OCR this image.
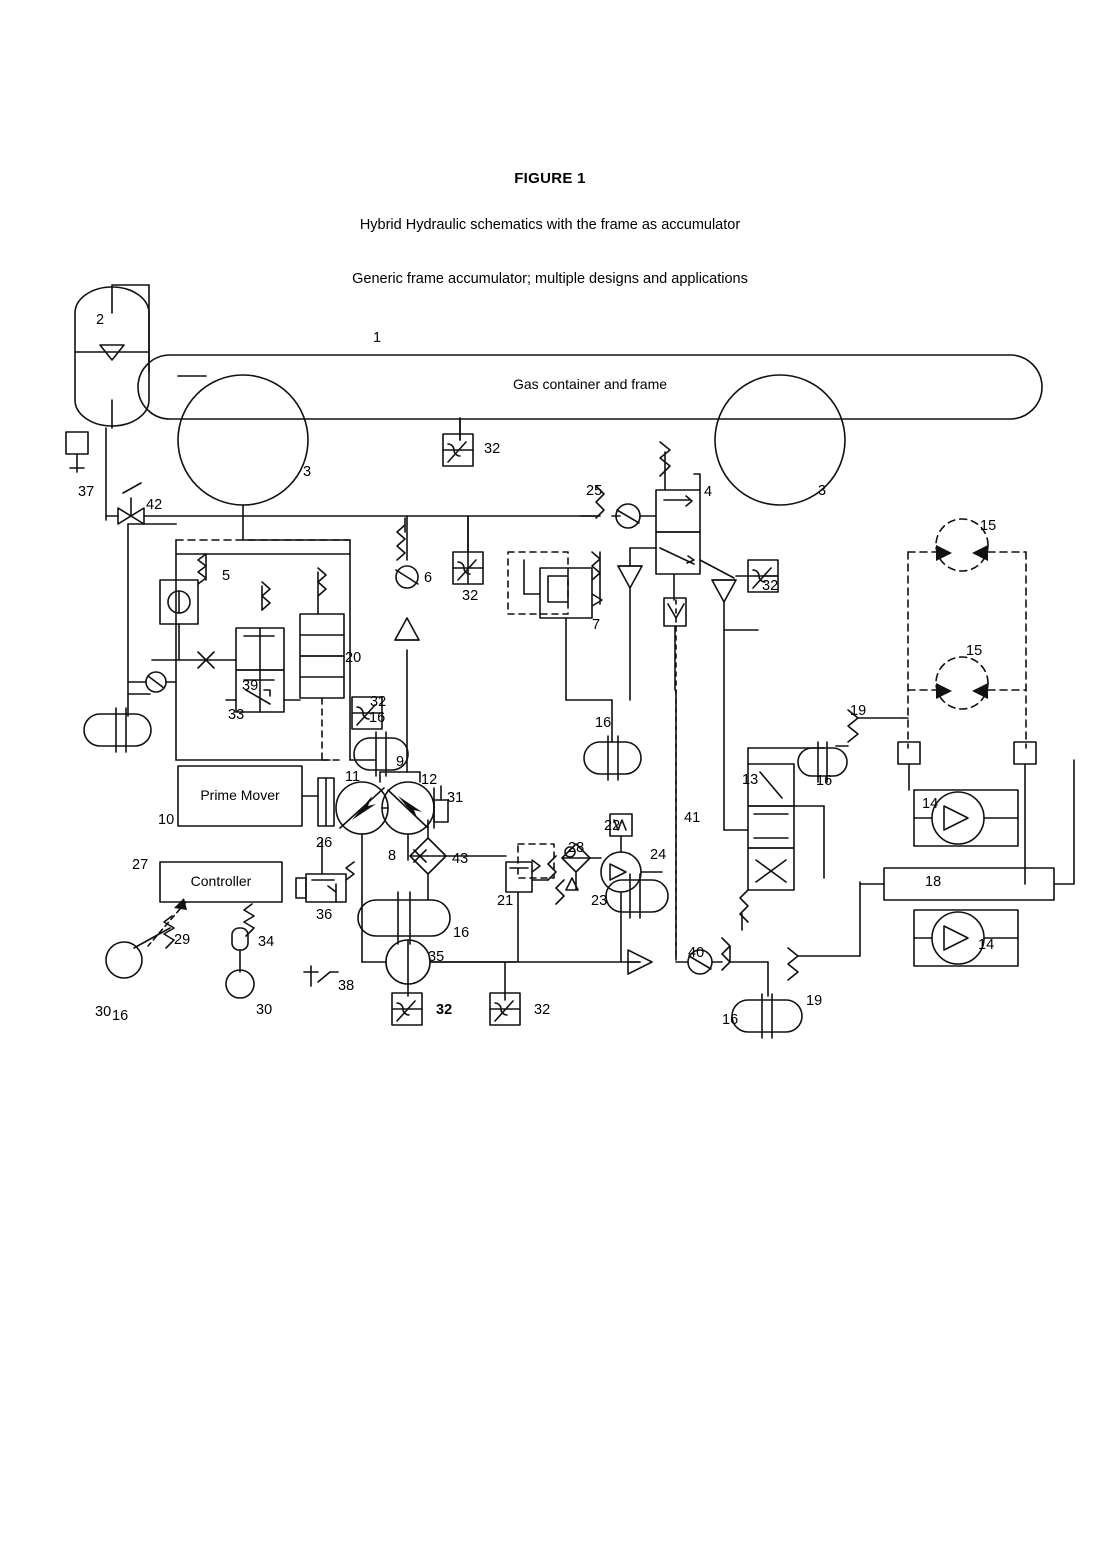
FIGURE 1
Hybrid Hydraulic schematics with the frame as accumulator
Generic frame accumulator; multiple designs and applications
Gas container and frame
Prime Mover
Controller
1
2
3
3
4
5	6
7
8
9
10
11	12	13
14
14
15
15
16
16	16
16
16
16
18
19
19
20
21
22
23
24
25
26
27
28
29
30	30
31
32
32
32
32
32	32
33
34
35
36
37
38
39
40
41
42
43
